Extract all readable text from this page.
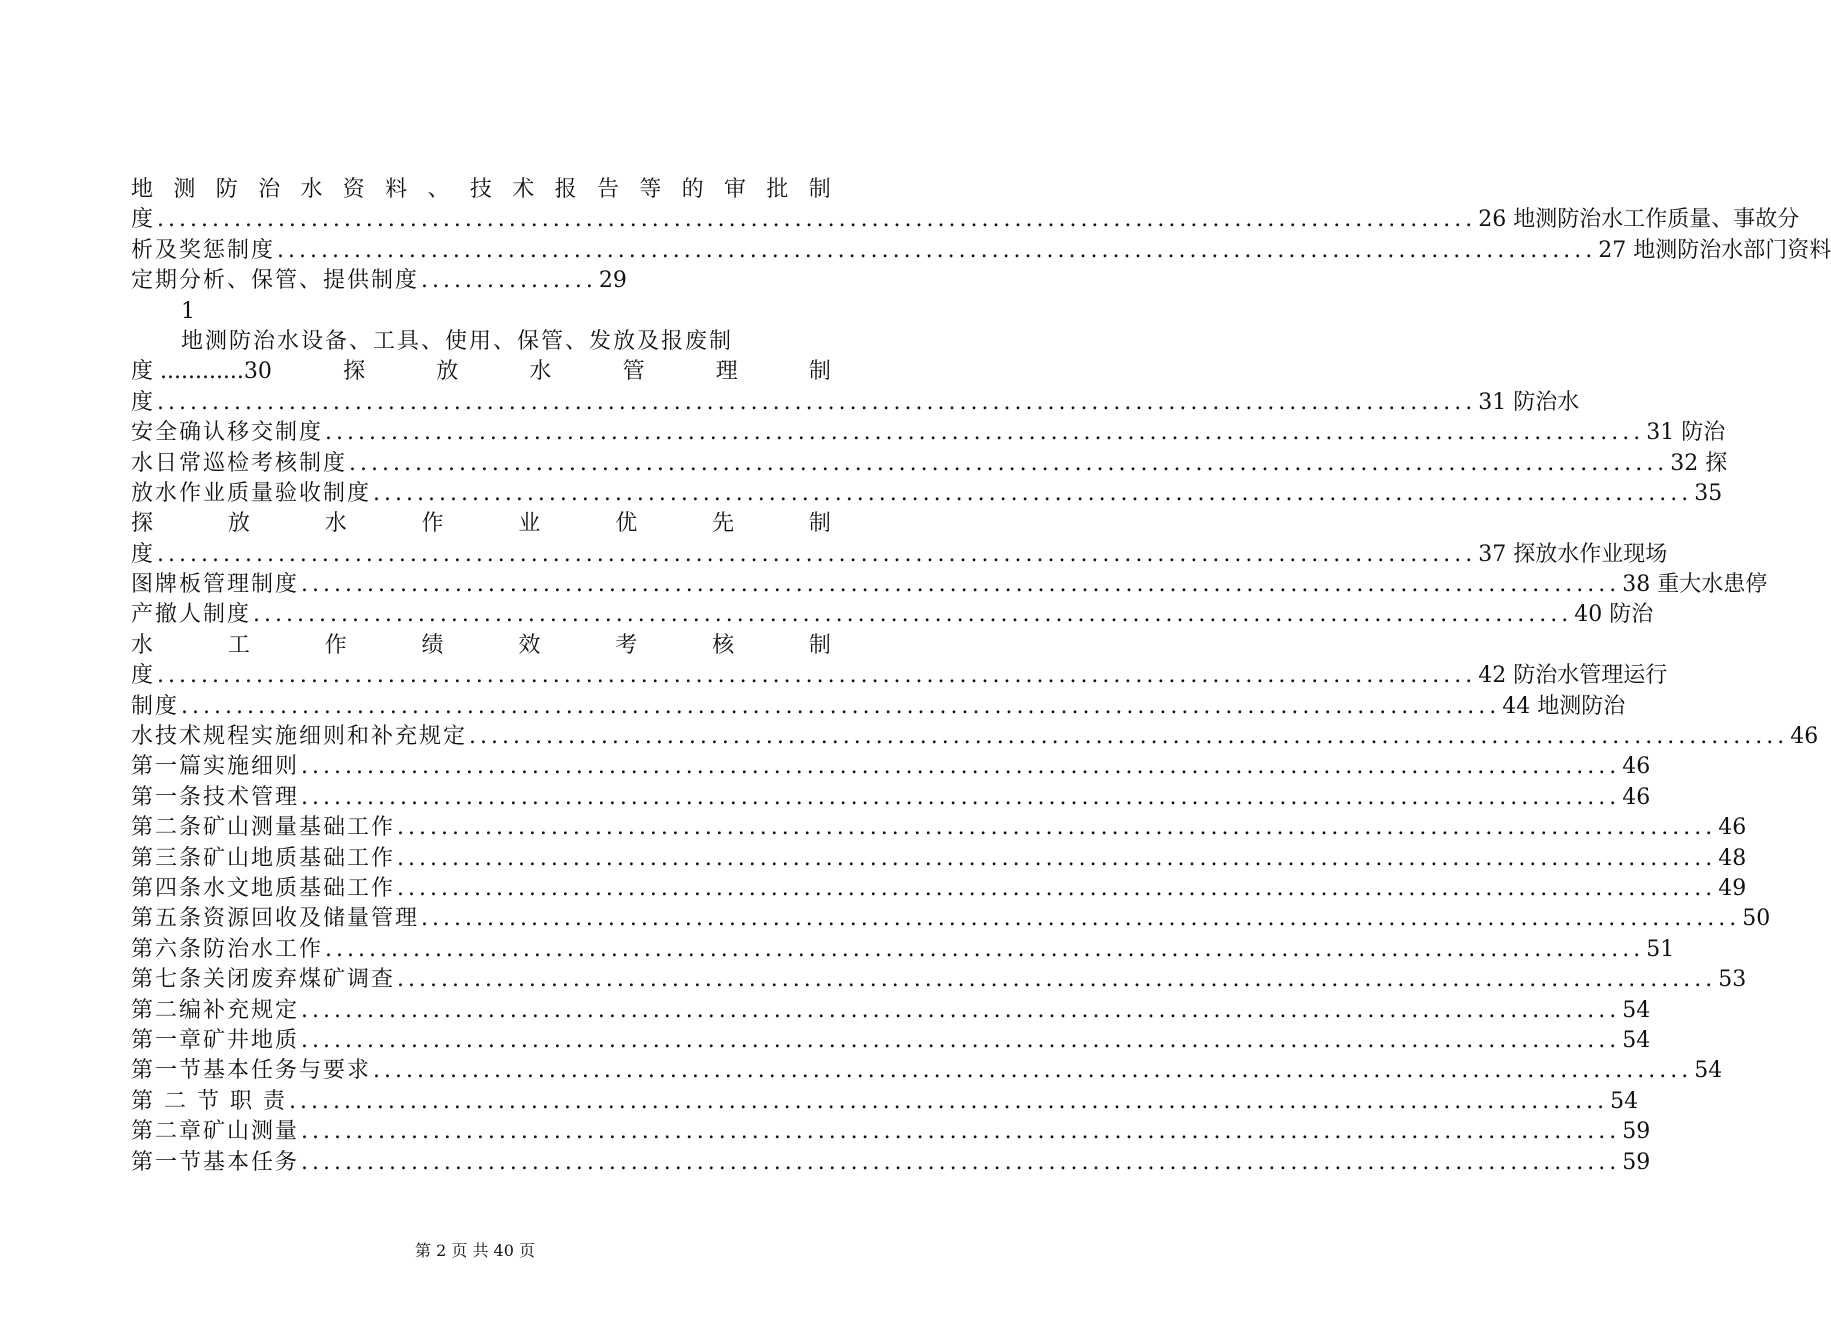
地 测 防 治 水 资 料 、 技 术 报 告 等 的 审 批 制
度 ........................................................................................................................ 26 地测防治水工作质量、事故分
析及奖惩制度 ........................................................................................................................ 27 地测防治水部门资料
定期分析、保管、提供制度 ................ 29
1
地测防治水设备、工具、使用、保管、发放及报废制
度 ............30	探	放	水	管	理	制
度 ........................................................................................................................ 31 防治水
安全确认移交制度 ........................................................................................................................ 31 防治
水日常巡检考核制度 ........................................................................................................................ 32 探
放水作业质量验收制度 ........................................................................................................................ 35
探	放	水	作	业	优	先	制
度 ........................................................................................................................ 37 探放水作业现场
图牌板管理制度 ........................................................................................................................ 38 重大水患停
产撤人制度 ........................................................................................................................ 40 防治
水	工	作	绩	效	考	核	制
度 ........................................................................................................................ 42 防治水管理运行
制度 ........................................................................................................................ 44 地测防治
水技术规程实施细则和补充规定 ........................................................................................................................ 46
第一篇实施细则 ........................................................................................................................ 46
第一条技术管理 ........................................................................................................................ 46
第二条矿山测量基础工作 ........................................................................................................................ 46
第三条矿山地质基础工作 ........................................................................................................................ 48
第四条水文地质基础工作 ........................................................................................................................ 49
第五条资源回收及储量管理 ........................................................................................................................ 50
第六条防治水工作 ........................................................................................................................ 51
第七条关闭废弃煤矿调查 ........................................................................................................................ 53
第二编补充规定 ........................................................................................................................ 54
第一章矿井地质 ........................................................................................................................ 54
第一节基本任务与要求 ........................................................................................................................ 54
第 二 节 职 责 ........................................................................................................................ 54
第二章矿山测量 ........................................................................................................................ 59
第一节基本任务 ........................................................................................................................ 59
第 2 页 共 40 页
